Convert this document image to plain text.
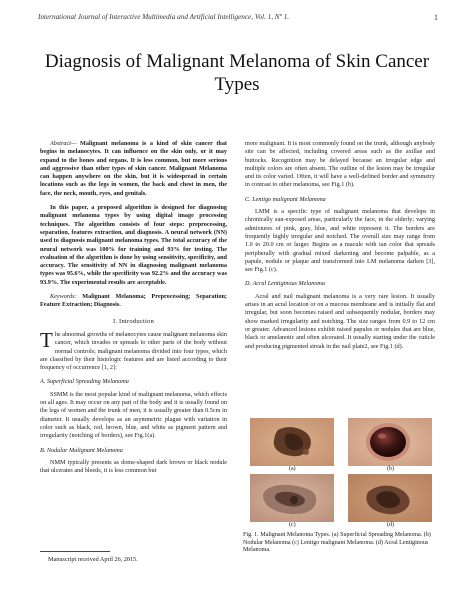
International Journal of Interactive Multimedia and Artificial Intelligence, Vol. 1, Nº 1.	1
Diagnosis of Malignant Melanoma of Skin Cancer Types

Abstract— Malignant melanoma is a kind of skin cancer that begins in melanocytes. It can influence on the skin only, or it may expand to the bones and organs. It is less common, but more serious and aggressive than other types of skin cancer. Malignant Melanoma can happen anywhere on the skin, but it is widespread in certain locations such as the legs in women, the back and chest in men, the face, the neck, mouth, eyes, and genitals.

In this paper, a proposed algorithm is designed for diagnosing malignant melanoma types by using digital image processing techniques. The algorithm consists of four steps: preprocessing, separation, features extraction, and diagnosis. A neural network (NN) used to diagnosis malignant melanoma types. The total accuracy of the neural network was 100% for training and 93% for testing. The evaluation of the algorithm is done by using sensitivity, specificity, and accuracy. The sensitivity of NN in diagnosing malignant melanoma types was 95.6%, while the specificity was 92.2% and the accuracy was 93.9%. The experimental results are acceptable.

Keywords: Malignant Melanoma; Preprocessing; Separation; Feature Extraction; Diagnosis.

I. Introduction

The abnormal growths of melanocytes cause malignant melanoma skin cancer, which invades or spreads to other parts of the body without normal controls; malignant melanoma divided into four types, which are classified by their histologic features and are listed according to their frequency of occurrence [1, 2]:

A. Superficial Spreading Melanoma

SSMM is the most popular kind of malignant melanoma, which effects on all ages. It may occur on any part of the body and it is usually found on the legs of women and the trunk of men, it is usually greater than 0.5cm in diameter. It usually develops as an asymmetric plague with variation in color such as black, red, brown, blue, and white as pigment pattern and irregularity (notching of borders), see Fig.1(a).

B. Nodular Malignant Melanoma

NMM typically presents as dome-shaped dark brown or black nodule that ulcerates and bleeds, it is less common but

Manuscript received April 26, 2015.

more malignant. It is most commonly found on the trunk, although anybody site can be affected, including covered areas such as the axillae and buttocks. Recognition may be delayed because an irregular edge and multiple colors are often absent. The outline of the lesion may be irregular and its color varied. Often, it will have a well-defined border and symmetry in contrast to other melanoma, see Fig.1 (b).

C. Lentigo malignant Melanoma

LMM is a specific type of malignant melanoma that develops in chronically sun-exposed areas, particularly the face, in the elderly; varying admixtures of pink, gray, blue, and white represent it. The borders are frequently highly irregular and notched. The overall size may range from 1.0 to 20.0 cm or larger. Begins as a macule with tan color that spreads peripherally with gradual mixed darkening and become palpable, as a papule, nodule or plaque and transformed into LM melanoma darken [3], see Fig.1 (c).

D. Acral Lentiginous Melanoma

Acral and nail malignant melanoma is a very rare lesion. It usually arises in an acral location or on a mucous membrane and is initially flat and irregular, but soon becomes raised and subsequently nodular, borders may show marked irregularity and notching. The size ranges from 0.9 to 12 cm or greater. Advanced lesions exhibit raised papules or nodules that are blue, black or amelanotic and often ulcerated. It usually starting under the cuticle and producing pigmented streak in the nail plate2, see Fig.1 (d).

(a)	(b)
(c)	(d)
Fig. 1. Malignant Melanoma Types. (a) Superficial Spreading Melanoma. (b) Nodular Melanoma (c) Lentigo malignant Melanoma. (d) Acral Lentiginous Melanoma.
